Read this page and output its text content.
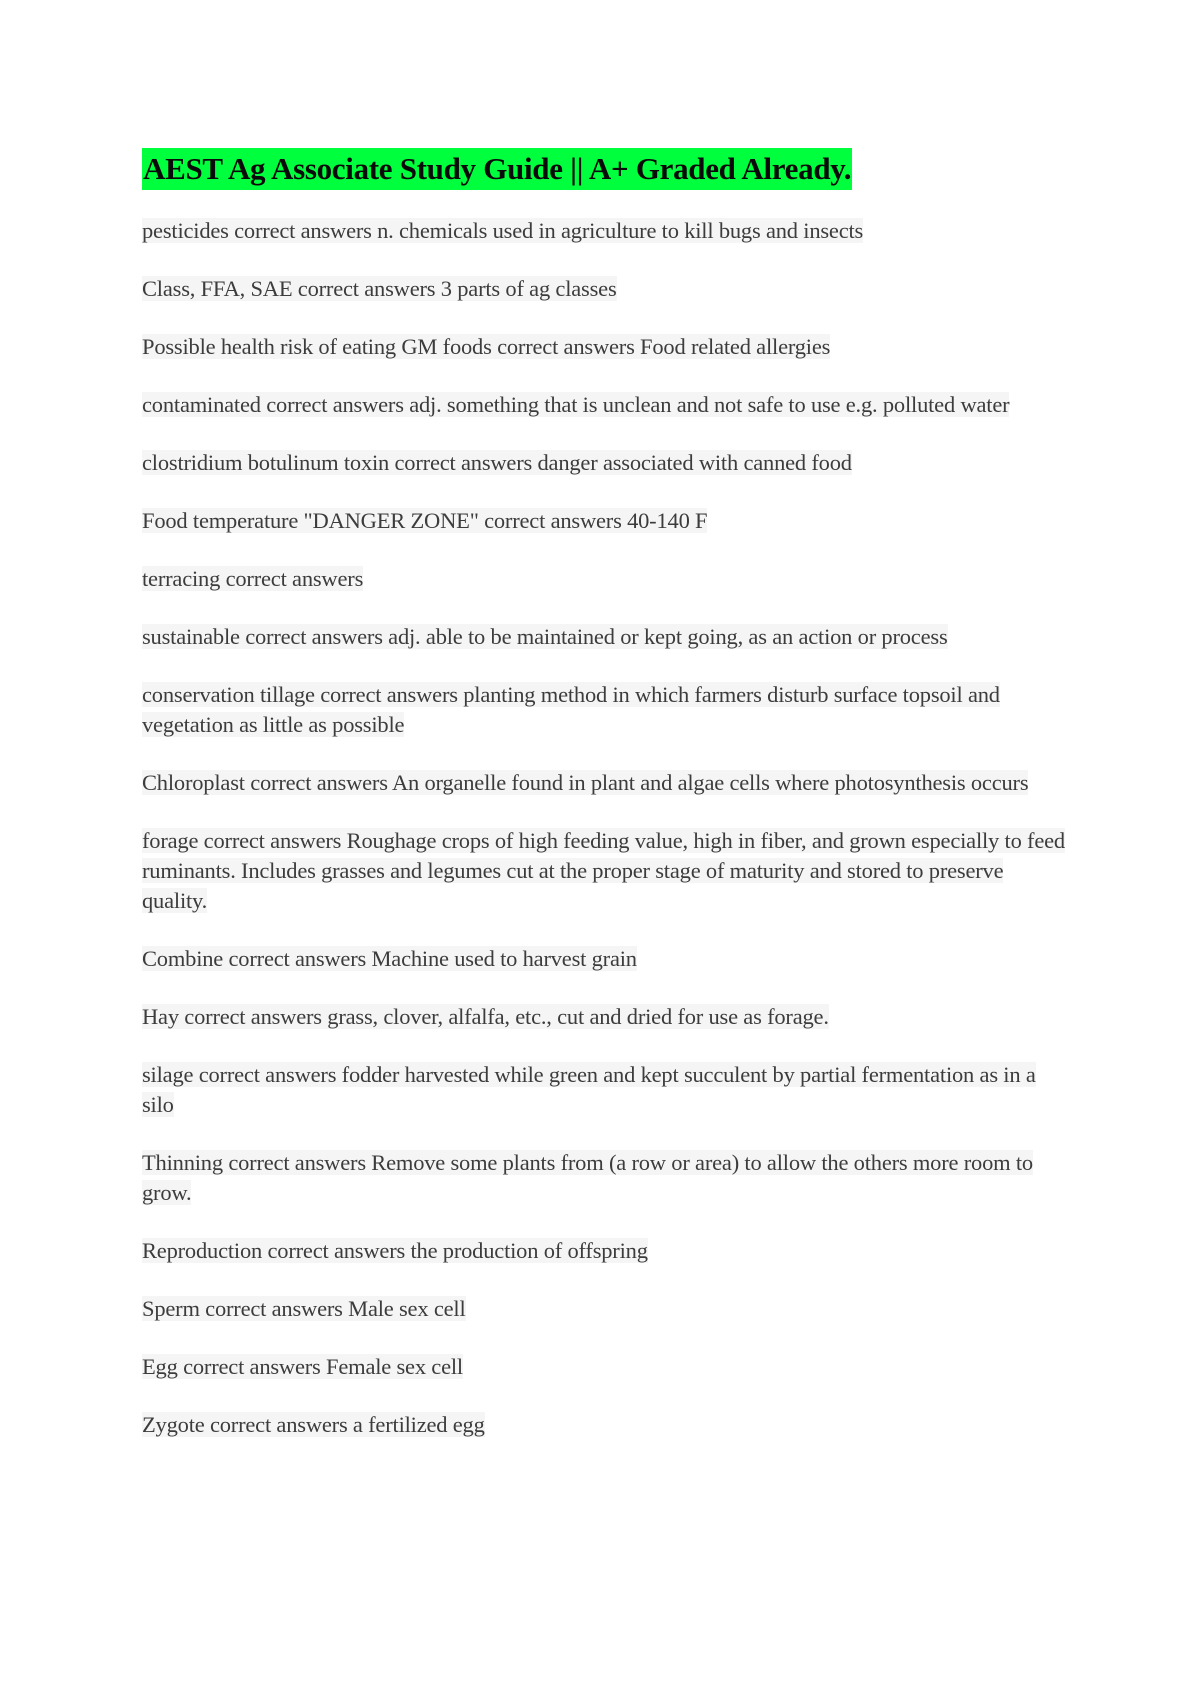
AEST Ag Associate Study Guide || A+ Graded Already.
pesticides correct answers n. chemicals used in agriculture to kill bugs and insects
Class, FFA, SAE correct answers 3 parts of ag classes
Possible health risk of eating GM foods correct answers Food related allergies
contaminated correct answers adj. something that is unclean and not safe to use e.g. polluted water
clostridium botulinum toxin correct answers danger associated with canned food
Food temperature "DANGER ZONE" correct answers 40-140 F
terracing correct answers
sustainable correct answers adj. able to be maintained or kept going, as an action or process
conservation tillage correct answers planting method in which farmers disturb surface topsoil and vegetation as little as possible
Chloroplast correct answers An organelle found in plant and algae cells where photosynthesis occurs
forage correct answers Roughage crops of high feeding value, high in fiber, and grown especially to feed ruminants. Includes grasses and legumes cut at the proper stage of maturity and stored to preserve quality.
Combine correct answers Machine used to harvest grain
Hay correct answers grass, clover, alfalfa, etc., cut and dried for use as forage.
silage correct answers fodder harvested while green and kept succulent by partial fermentation as in a silo
Thinning correct answers Remove some plants from (a row or area) to allow the others more room to grow.
Reproduction correct answers the production of offspring
Sperm correct answers Male sex cell
Egg correct answers Female sex cell
Zygote correct answers a fertilized egg
